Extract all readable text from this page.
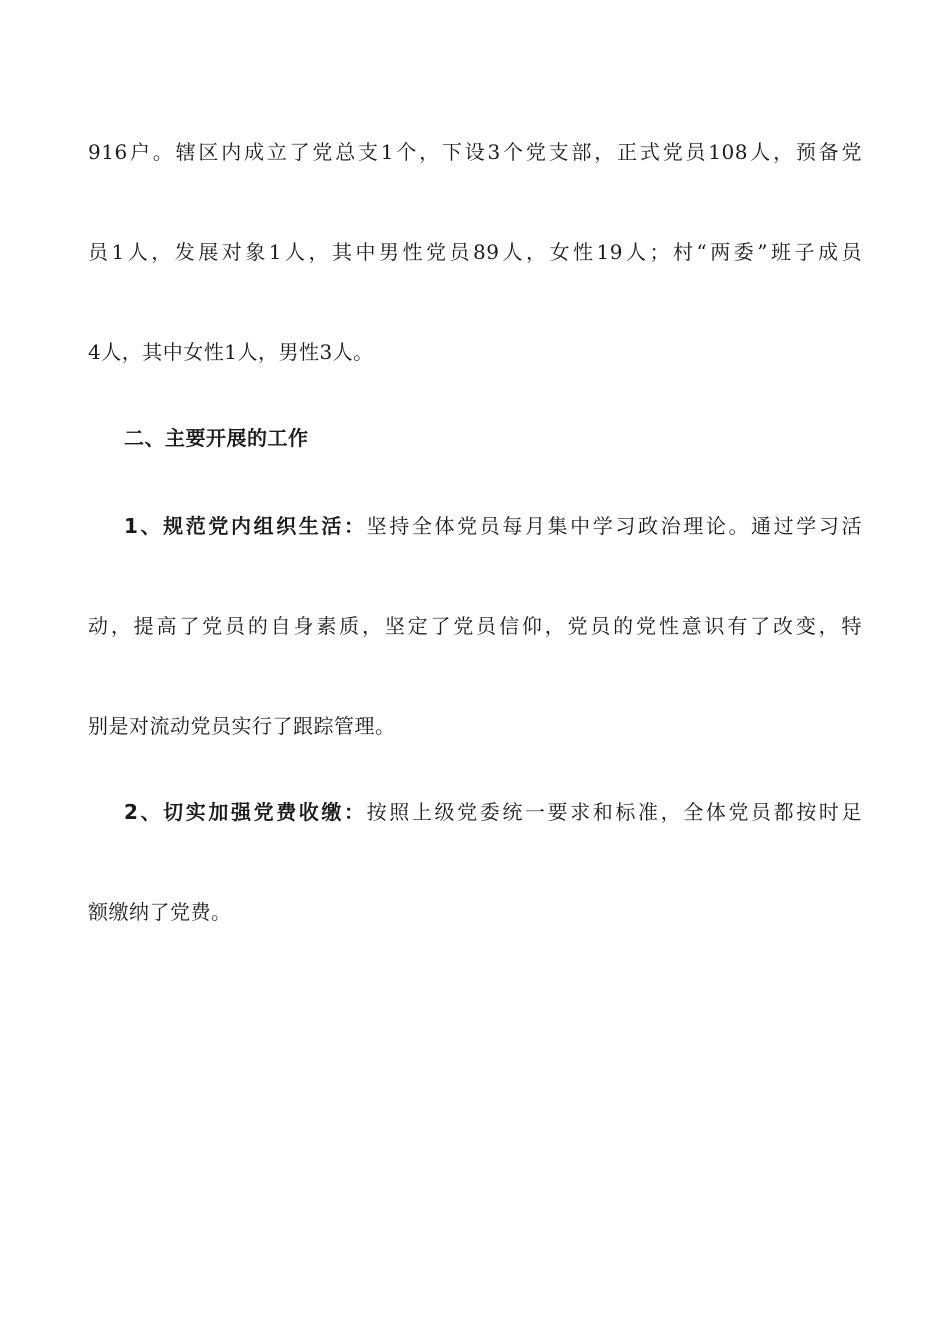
916户。辖区内成立了党总支1个，下设3个党支部，正式党员108人，预备党
员1人，发展对象1人，其中男性党员89人，女性19人；村“两委”班子成员
4人，其中女性1人，男性3人。
二、主要开展的工作
1、规范党内组织生活：坚持全体党员每月集中学习政治理论。通过学习活
动，提高了党员的自身素质，坚定了党员信仰，党员的党性意识有了改变，特
别是对流动党员实行了跟踪管理。
2、切实加强党费收缴：按照上级党委统一要求和标准，全体党员都按时足
额缴纳了党费。
